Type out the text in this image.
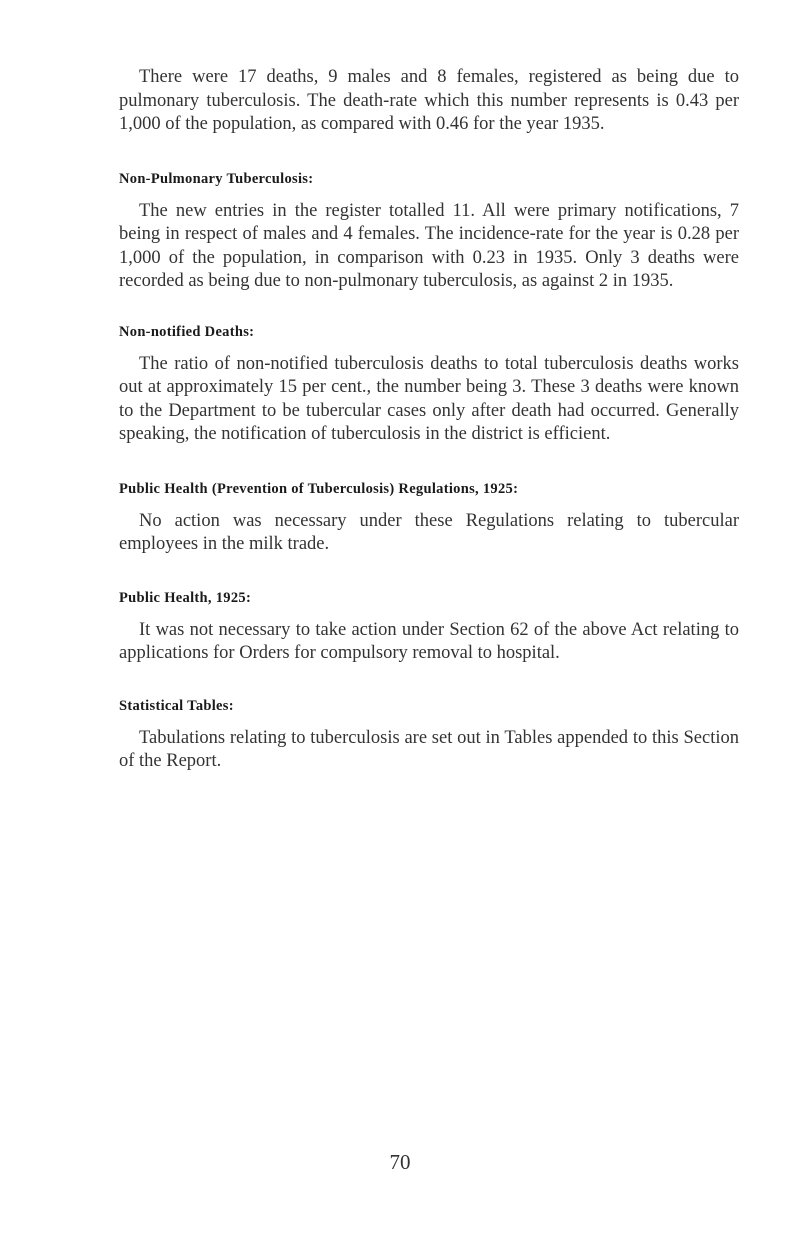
There were 17 deaths, 9 males and 8 females, registered as being due to pulmonary tuberculosis. The death-rate which this number represents is 0.43 per 1,000 of the population, as compared with 0.46 for the year 1935.

Non-Pulmonary Tuberculosis:

The new entries in the register totalled 11. All were primary notifications, 7 being in respect of males and 4 females. The incidence-rate for the year is 0.28 per 1,000 of the population, in comparison with 0.23 in 1935. Only 3 deaths were recorded as being due to non-pulmonary tuberculosis, as against 2 in 1935.

Non-notified Deaths:

The ratio of non-notified tuberculosis deaths to total tuberculosis deaths works out at approximately 15 per cent., the number being 3. These 3 deaths were known to the Department to be tubercular cases only after death had occurred. Generally speaking, the notification of tuberculosis in the district is efficient.

Public Health (Prevention of Tuberculosis) Regulations, 1925:

No action was necessary under these Regulations relating to tubercular employees in the milk trade.

Public Health, 1925:

It was not necessary to take action under Section 62 of the above Act relating to applications for Orders for compulsory removal to hospital.

Statistical Tables:

Tabulations relating to tuberculosis are set out in Tables appended to this Section of the Report.

70
